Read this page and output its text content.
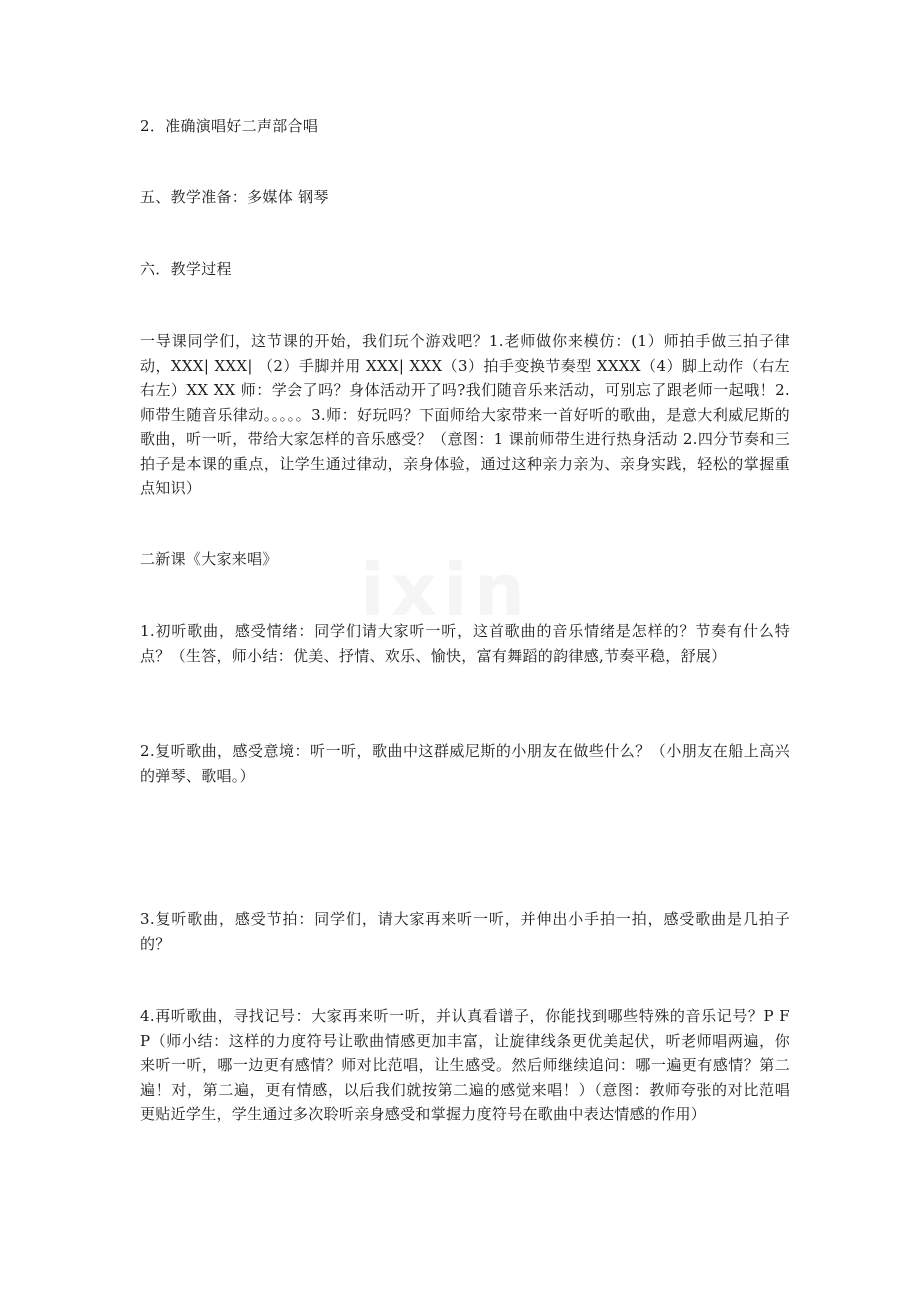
2．准确演唱好二声部合唱

五、教学准备：多媒体 钢琴

六．教学过程

一导课同学们，这节课的开始，我们玩个游戏吧？1.老师做你来模仿：(1）师拍手做三拍子律动，XXX| XXX| （2）手脚并用 XXX| XXX（3）拍手变换节奏型 XXXX（4）脚上动作（右左右左）XX XX 师：学会了吗？身体活动开了吗?我们随音乐来活动，可别忘了跟老师一起哦！2.师带生随音乐律动。。。。。3.师：好玩吗？下面师给大家带来一首好听的歌曲，是意大利威尼斯的歌曲，听一听，带给大家怎样的音乐感受？（意图：1 课前师带生进行热身活动 2.四分节奏和三拍子是本课的重点，让学生通过律动，亲身体验，通过这种亲力亲为、亲身实践，轻松的掌握重点知识）

二新课《大家来唱》

1.初听歌曲，感受情绪：同学们请大家听一听，这首歌曲的音乐情绪是怎样的？节奏有什么特点？（生答，师小结：优美、抒情、欢乐、愉快，富有舞蹈的韵律感,节奏平稳，舒展）

2.复听歌曲，感受意境：听一听，歌曲中这群威尼斯的小朋友在做些什么？（小朋友在船上高兴的弹琴、歌唱。）

3.复听歌曲，感受节拍：同学们，请大家再来听一听，并伸出小手拍一拍，感受歌曲是几拍子的？

4.再听歌曲，寻找记号：大家再来听一听，并认真看谱子，你能找到哪些特殊的音乐记号？P F P（师小结：这样的力度符号让歌曲情感更加丰富，让旋律线条更优美起伏，听老师唱两遍，你来听一听，哪一边更有感情？师对比范唱，让生感受。然后师继续追问：哪一遍更有感情？第二遍！对，第二遍，更有情感，以后我们就按第二遍的感觉来唱！）（意图：教师夸张的对比范唱更贴近学生，学生通过多次聆听亲身感受和掌握力度符号在歌曲中表达情感的作用）
